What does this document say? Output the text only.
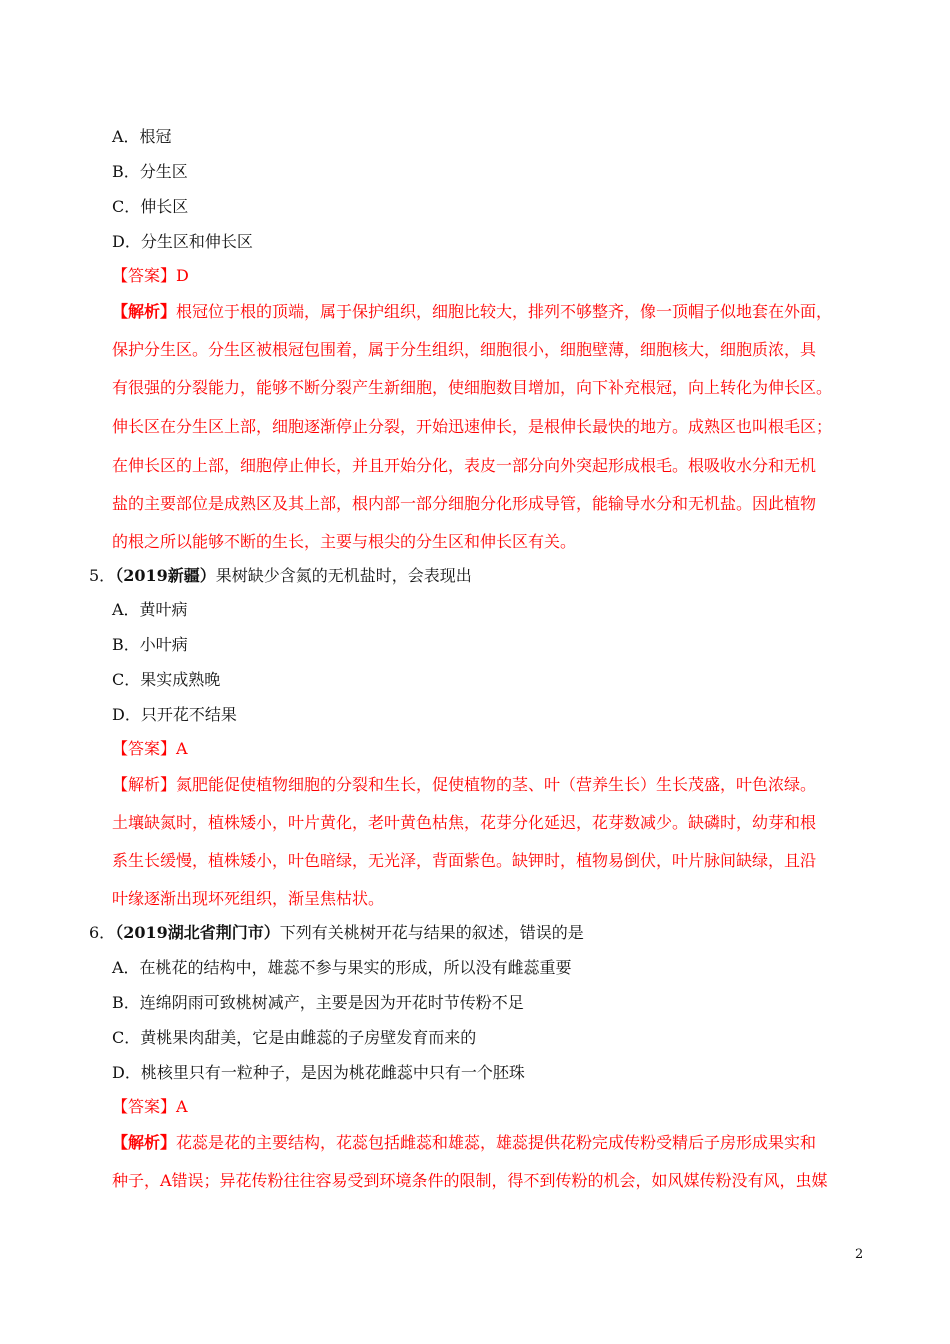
A．根冠

B．分生区

C．伸长区

D．分生区和伸长区

【答案】D

【解析】根冠位于根的顶端，属于保护组织，细胞比较大，排列不够整齐，像一顶帽子似地套在外面，

保护分生区。分生区被根冠包围着，属于分生组织，细胞很小，细胞壁薄，细胞核大，细胞质浓，具

有很强的分裂能力，能够不断分裂产生新细胞，使细胞数目增加，向下补充根冠，向上转化为伸长区。

伸长区在分生区上部，细胞逐渐停止分裂，开始迅速伸长，是根伸长最快的地方。成熟区也叫根毛区；

在伸长区的上部，细胞停止伸长，并且开始分化，表皮一部分向外突起形成根毛。根吸收水分和无机

盐的主要部位是成熟区及其上部，根内部一部分细胞分化形成导管，能输导水分和无机盐。因此植物

的根之所以能够不断的生长，主要与根尖的分生区和伸长区有关。

5．（2019新疆）果树缺少含氮的无机盐时，会表现出

A．黄叶病

B．小叶病

C．果实成熟晚

D．只开花不结果

【答案】A

【解析】氮肥能促使植物细胞的分裂和生长，促使植物的茎、叶（营养生长）生长茂盛，叶色浓绿。

土壤缺氮时，植株矮小，叶片黄化，老叶黄色枯焦，花芽分化延迟，花芽数减少。缺磷时，幼芽和根

系生长缓慢，植株矮小，叶色暗绿，无光泽，背面紫色。缺钾时，植物易倒伏，叶片脉间缺绿，且沿

叶缘逐渐出现坏死组织，渐呈焦枯状。

6．（2019湖北省荆门市）下列有关桃树开花与结果的叙述，错误的是

A．在桃花的结构中，雄蕊不参与果实的形成，所以没有雌蕊重要

B．连绵阴雨可致桃树减产，主要是因为开花时节传粉不足

C．黄桃果肉甜美，它是由雌蕊的子房壁发育而来的

D．桃核里只有一粒种子，是因为桃花雌蕊中只有一个胚珠

【答案】A

【解析】花蕊是花的主要结构，花蕊包括雌蕊和雄蕊，雄蕊提供花粉完成传粉受精后子房形成果实和

种子，A错误；异花传粉往往容易受到环境条件的限制，得不到传粉的机会，如风媒传粉没有风，虫媒

2
